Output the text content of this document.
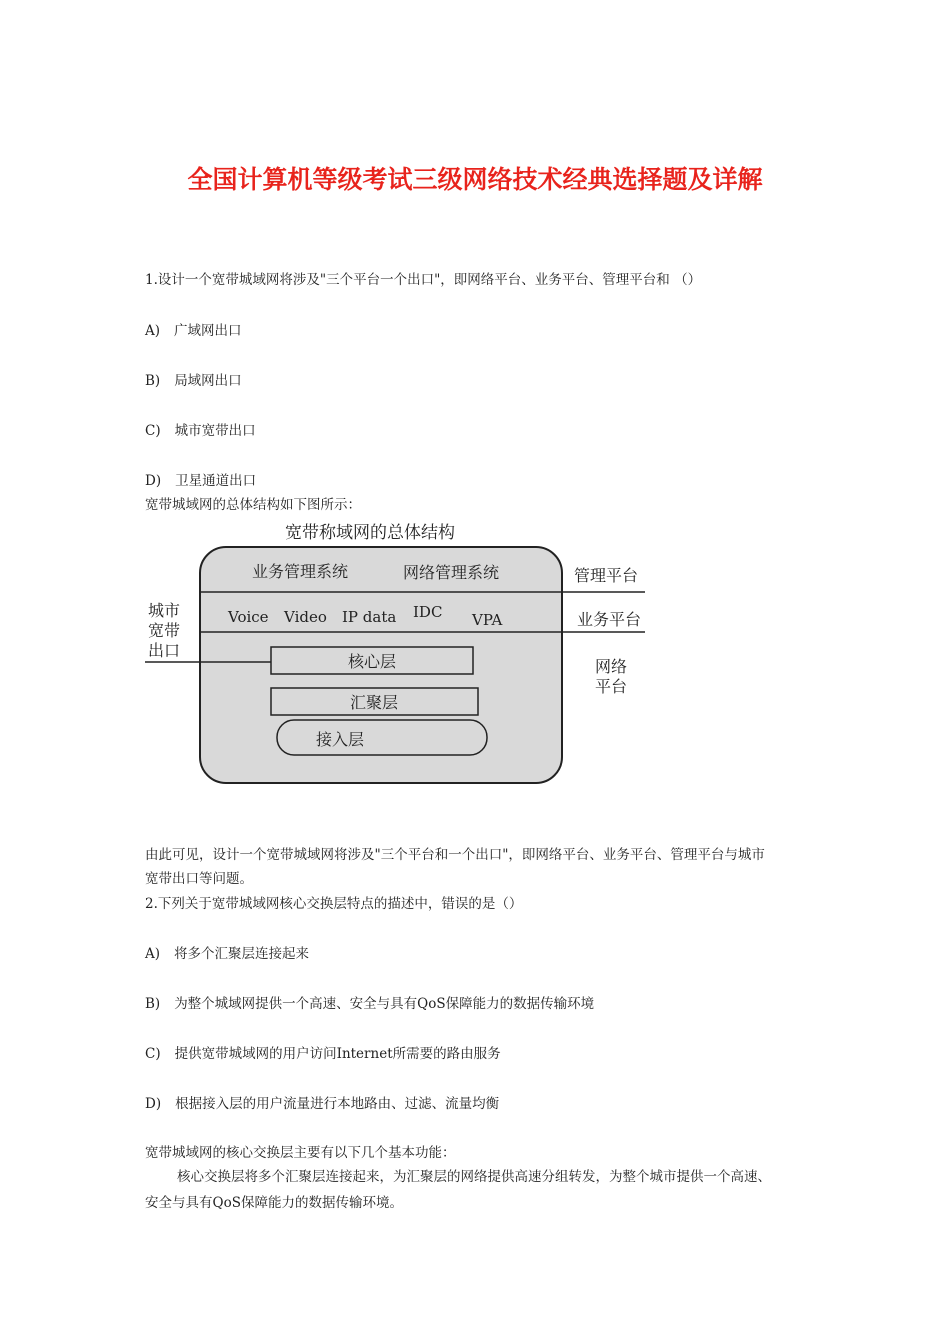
全国计算机等级考试三级网络技术经典选择题及详解
1.设计一个宽带城域网将涉及"三个平台一个出口"，即网络平台、业务平台、管理平台和 （）
A) 广域网出口
B) 局域网出口
C) 城市宽带出口
D) 卫星通道出口
宽带城域网的总体结构如下图所示：
宽带称域网的总体结构
业务管理系统	网络管理系统
Voice Video IP data IDC VPA
管理平台
业务平台
网络
平台
城市
宽带
出口
核心层
汇聚层
接入层
由此可见，设计一个宽带城域网将涉及"三个平台和一个出口"，即网络平台、业务平台、管理平台与城市
宽带出口等问题。
2.下列关于宽带城域网核心交换层特点的描述中，错误的是（）
A) 将多个汇聚层连接起来
B) 为整个城域网提供一个高速、安全与具有QoS保障能力的数据传输环境
C) 提供宽带城域网的用户访问Internet所需要的路由服务
D) 根据接入层的用户流量进行本地路由、过滤、流量均衡
宽带城域网的核心交换层主要有以下几个基本功能：
核心交换层将多个汇聚层连接起来，为汇聚层的网络提供高速分组转发，为整个城市提供一个高速、
安全与具有QoS保障能力的数据传输环境。
